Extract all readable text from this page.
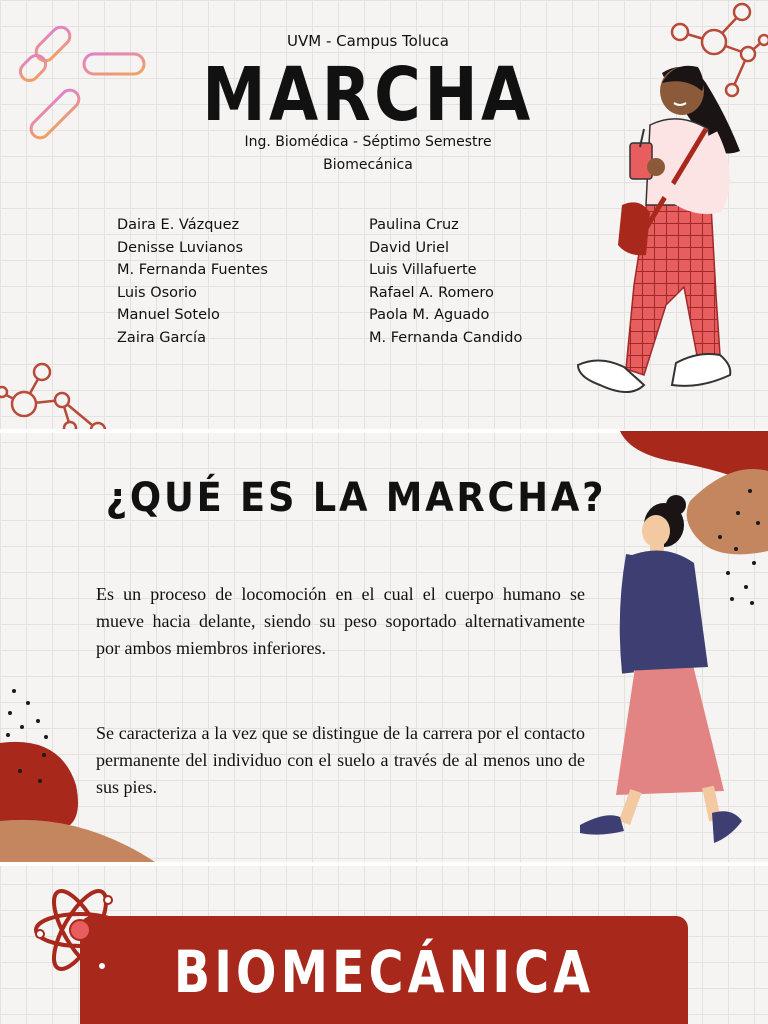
UVM - Campus Toluca
MARCHA
Ing. Biomédica - Séptimo Semestre
Biomecánica
Daira E. Vázquez
Denisse Luvianos
M. Fernanda Fuentes
Luis Osorio
Manuel Sotelo
Zaira García
Paulina Cruz
David Uriel
Luis Villafuerte
Rafael A. Romero
Paola M. Aguado
M. Fernanda Candido
¿QUÉ ES LA MARCHA?

Es un proceso de locomoción en el cual el cuerpo humano se mueve hacia delante, siendo su peso soportado alternativamente por ambos miembros inferiores.

Se caracteriza a la vez que se distingue de la carrera por el contacto permanente del individuo con el suelo a través de al menos uno de sus pies.

BIOMECÁNICA
